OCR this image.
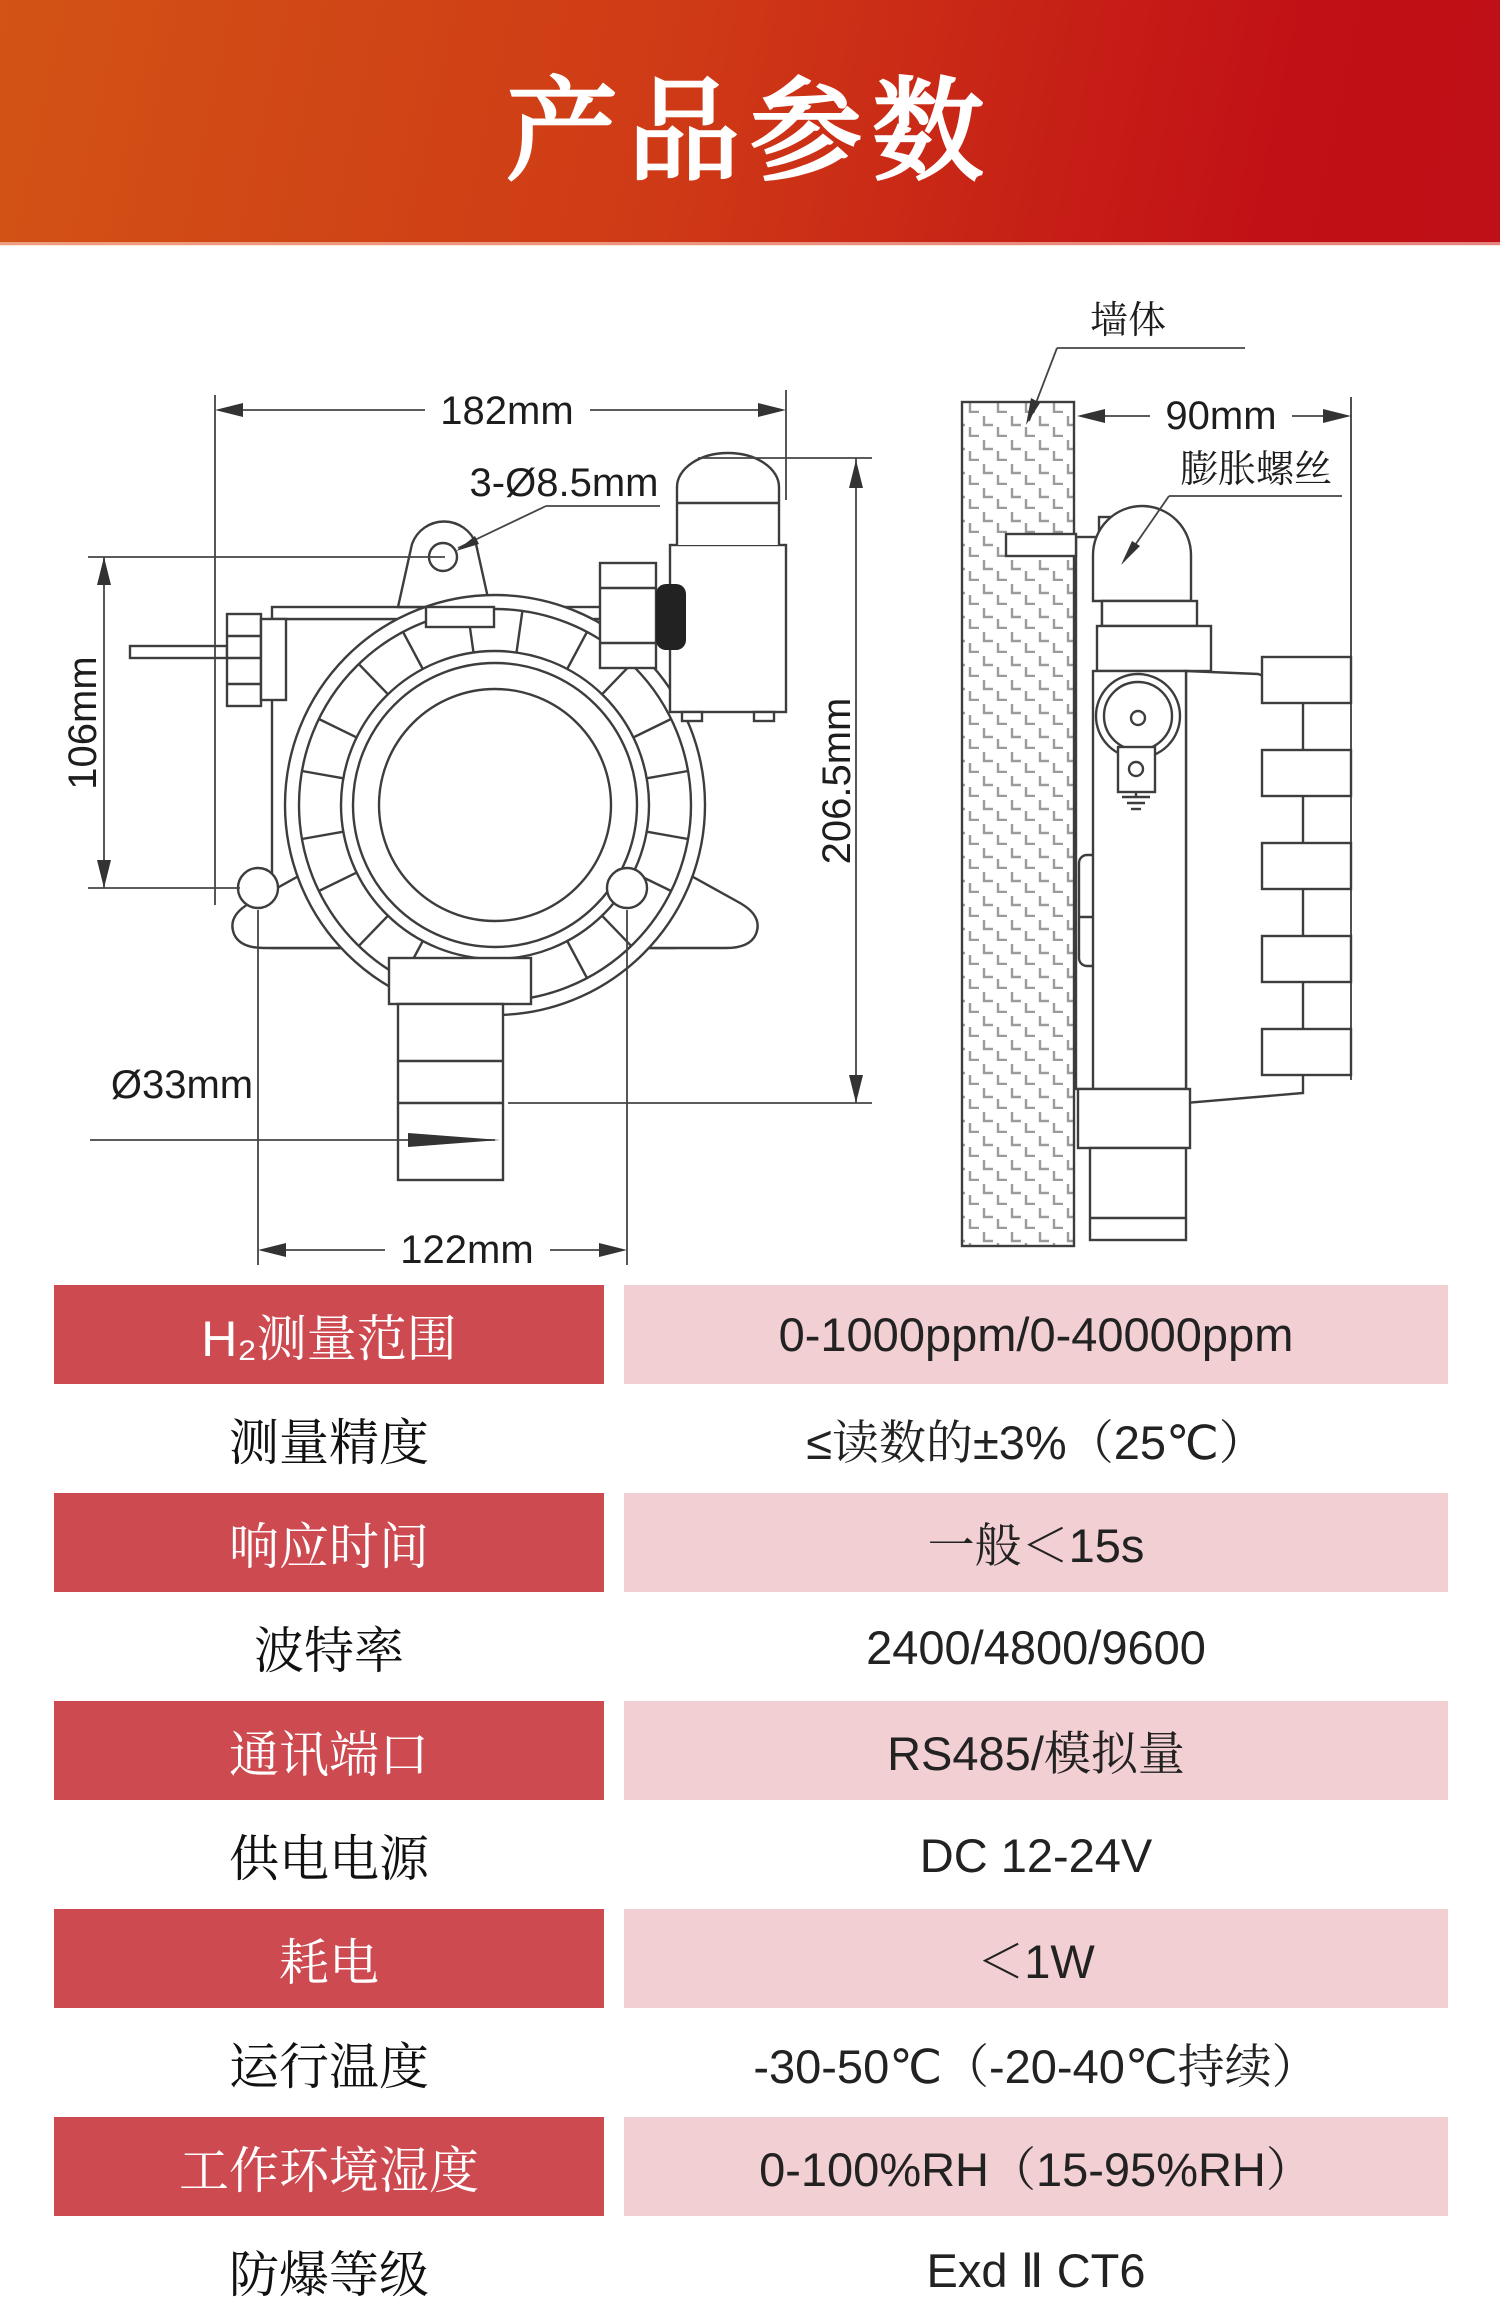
产品参数
182mm
3-Ø8.5mm
106mm	206.5mm
Ø33mm
122mm
90mm
墙体
膨胀螺丝
H₂测量范围	0-1000ppm/0-40000ppm
测量精度	≤读数的±3%（25℃）
响应时间	一般＜15s
波特率	2400/4800/9600
通讯端口	RS485/模拟量
供电电源	DC 12-24V
耗电	＜1W
运行温度	-30-50℃（-20-40℃持续）
工作环境湿度	0-100%RH（15-95%RH）
防爆等级	Exd Ⅱ CT6
